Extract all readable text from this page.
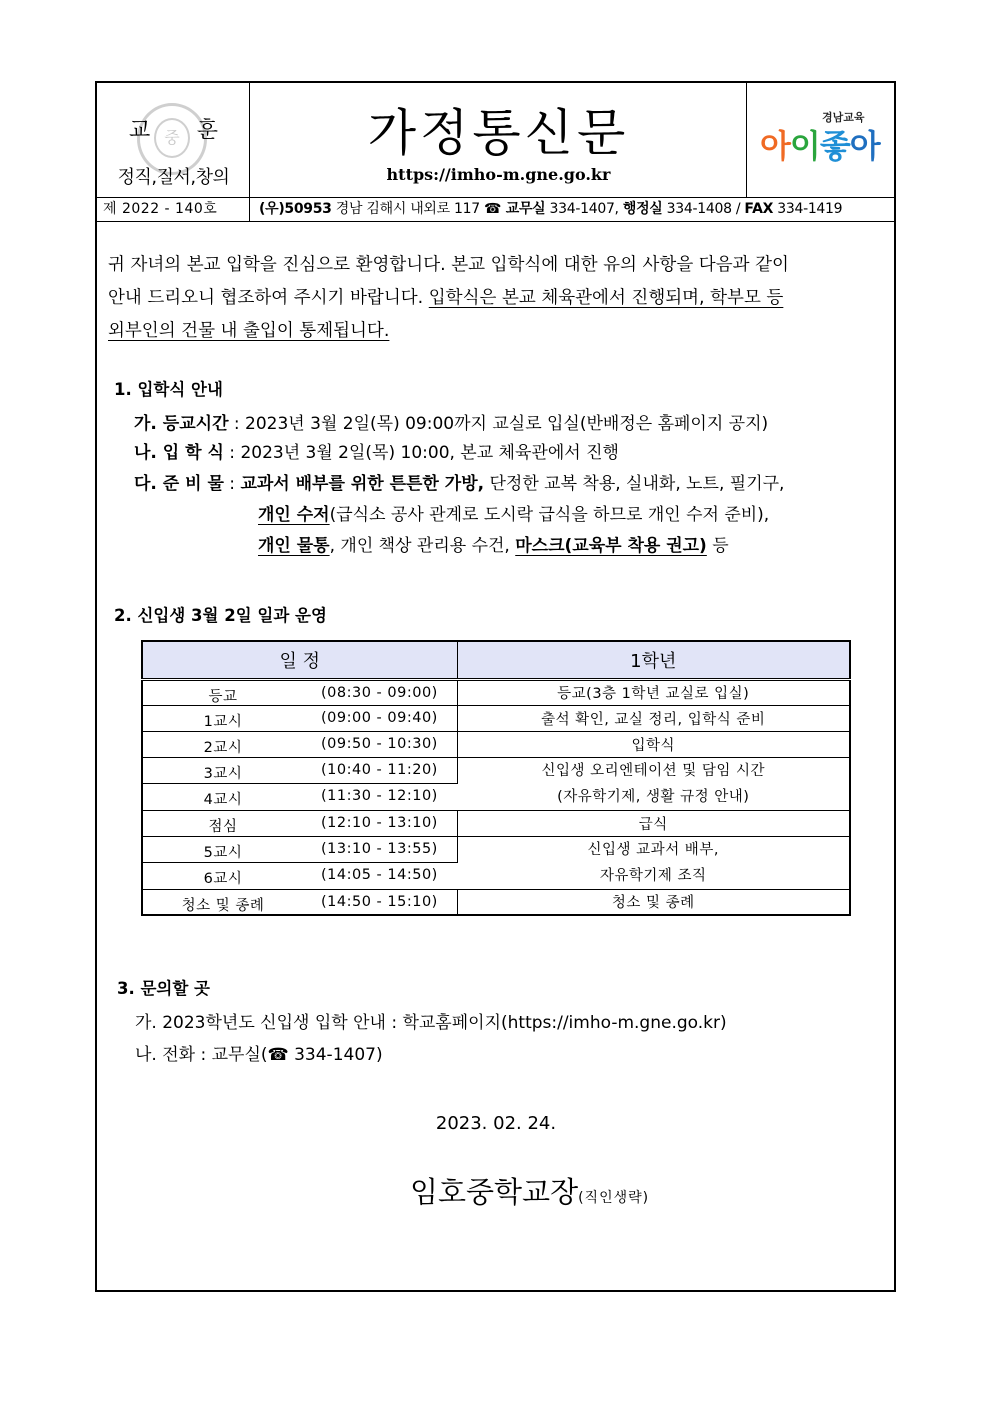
중
교 훈
정직,질서,창의
가정통신문
https://imho-m.gne.go.kr
경남교육
아이좋아
제 2022 - 140호	(우)50953 경남 김해시 내외로 117 ☎ 교무실 334-1407, 행정실 334-1408 / FAX 334-1419

귀 자녀의 본교 입학을 진심으로 환영합니다. 본교 입학식에 대한 유의 사항을 다음과 같이

안내 드리오니 협조하여 주시기 바랍니다. 입학식은 본교 체육관에서 진행되며, 학부모 등

외부인의 건물 내 출입이 통제됩니다.

1. 입학식 안내
가. 등교시간 : 2023년 3월 2일(목) 09:00까지 교실로 입실(반배정은 홈페이지 공지)
나. 입 학 식 : 2023년 3월 2일(목) 10:00, 본교 체육관에서 진행
다. 준 비 물 : 교과서 배부를 위한 튼튼한 가방, 단정한 교복 착용, 실내화, 노트, 필기구,
개인 수저(급식소 공사 관계로 도시락 급식을 하므로 개인 수저 준비),
개인 물통, 개인 책상 관리용 수건, 마스크(교육부 착용 권고) 등
2. 신입생 3월 2일 일과 운영
일 정	1학년

등교 (08:30 - 09:00)	등교(3층 1학년 교실로 입실)

1교시 (09:00 - 09:40)	출석 확인, 교실 정리, 입학식 준비

2교시 (09:50 - 10:30)	입학식

3교시	(10:40 - 11:20)	신입생 오리엔테이션 및 담임 시간
(자유학기제, 생활 규정 안내)

4교시 (11:30 - 12:10)	

점심 (12:10 - 13:10)	급식

5교시	(13:10 - 13:55)	신입생 교과서 배부,
자유학기제 조직

6교시 (14:05 - 14:50)	

청소 및 종례 (14:50 - 15:10)	청소 및 종례
3. 문의할 곳
가. 2023학년도 신입생 입학 안내 : 학교홈페이지(https://imho-m.gne.go.kr)
나. 전화 : 교무실(☎ 334-1407)
2023. 02. 24.
임호중학교장(직인생략)
